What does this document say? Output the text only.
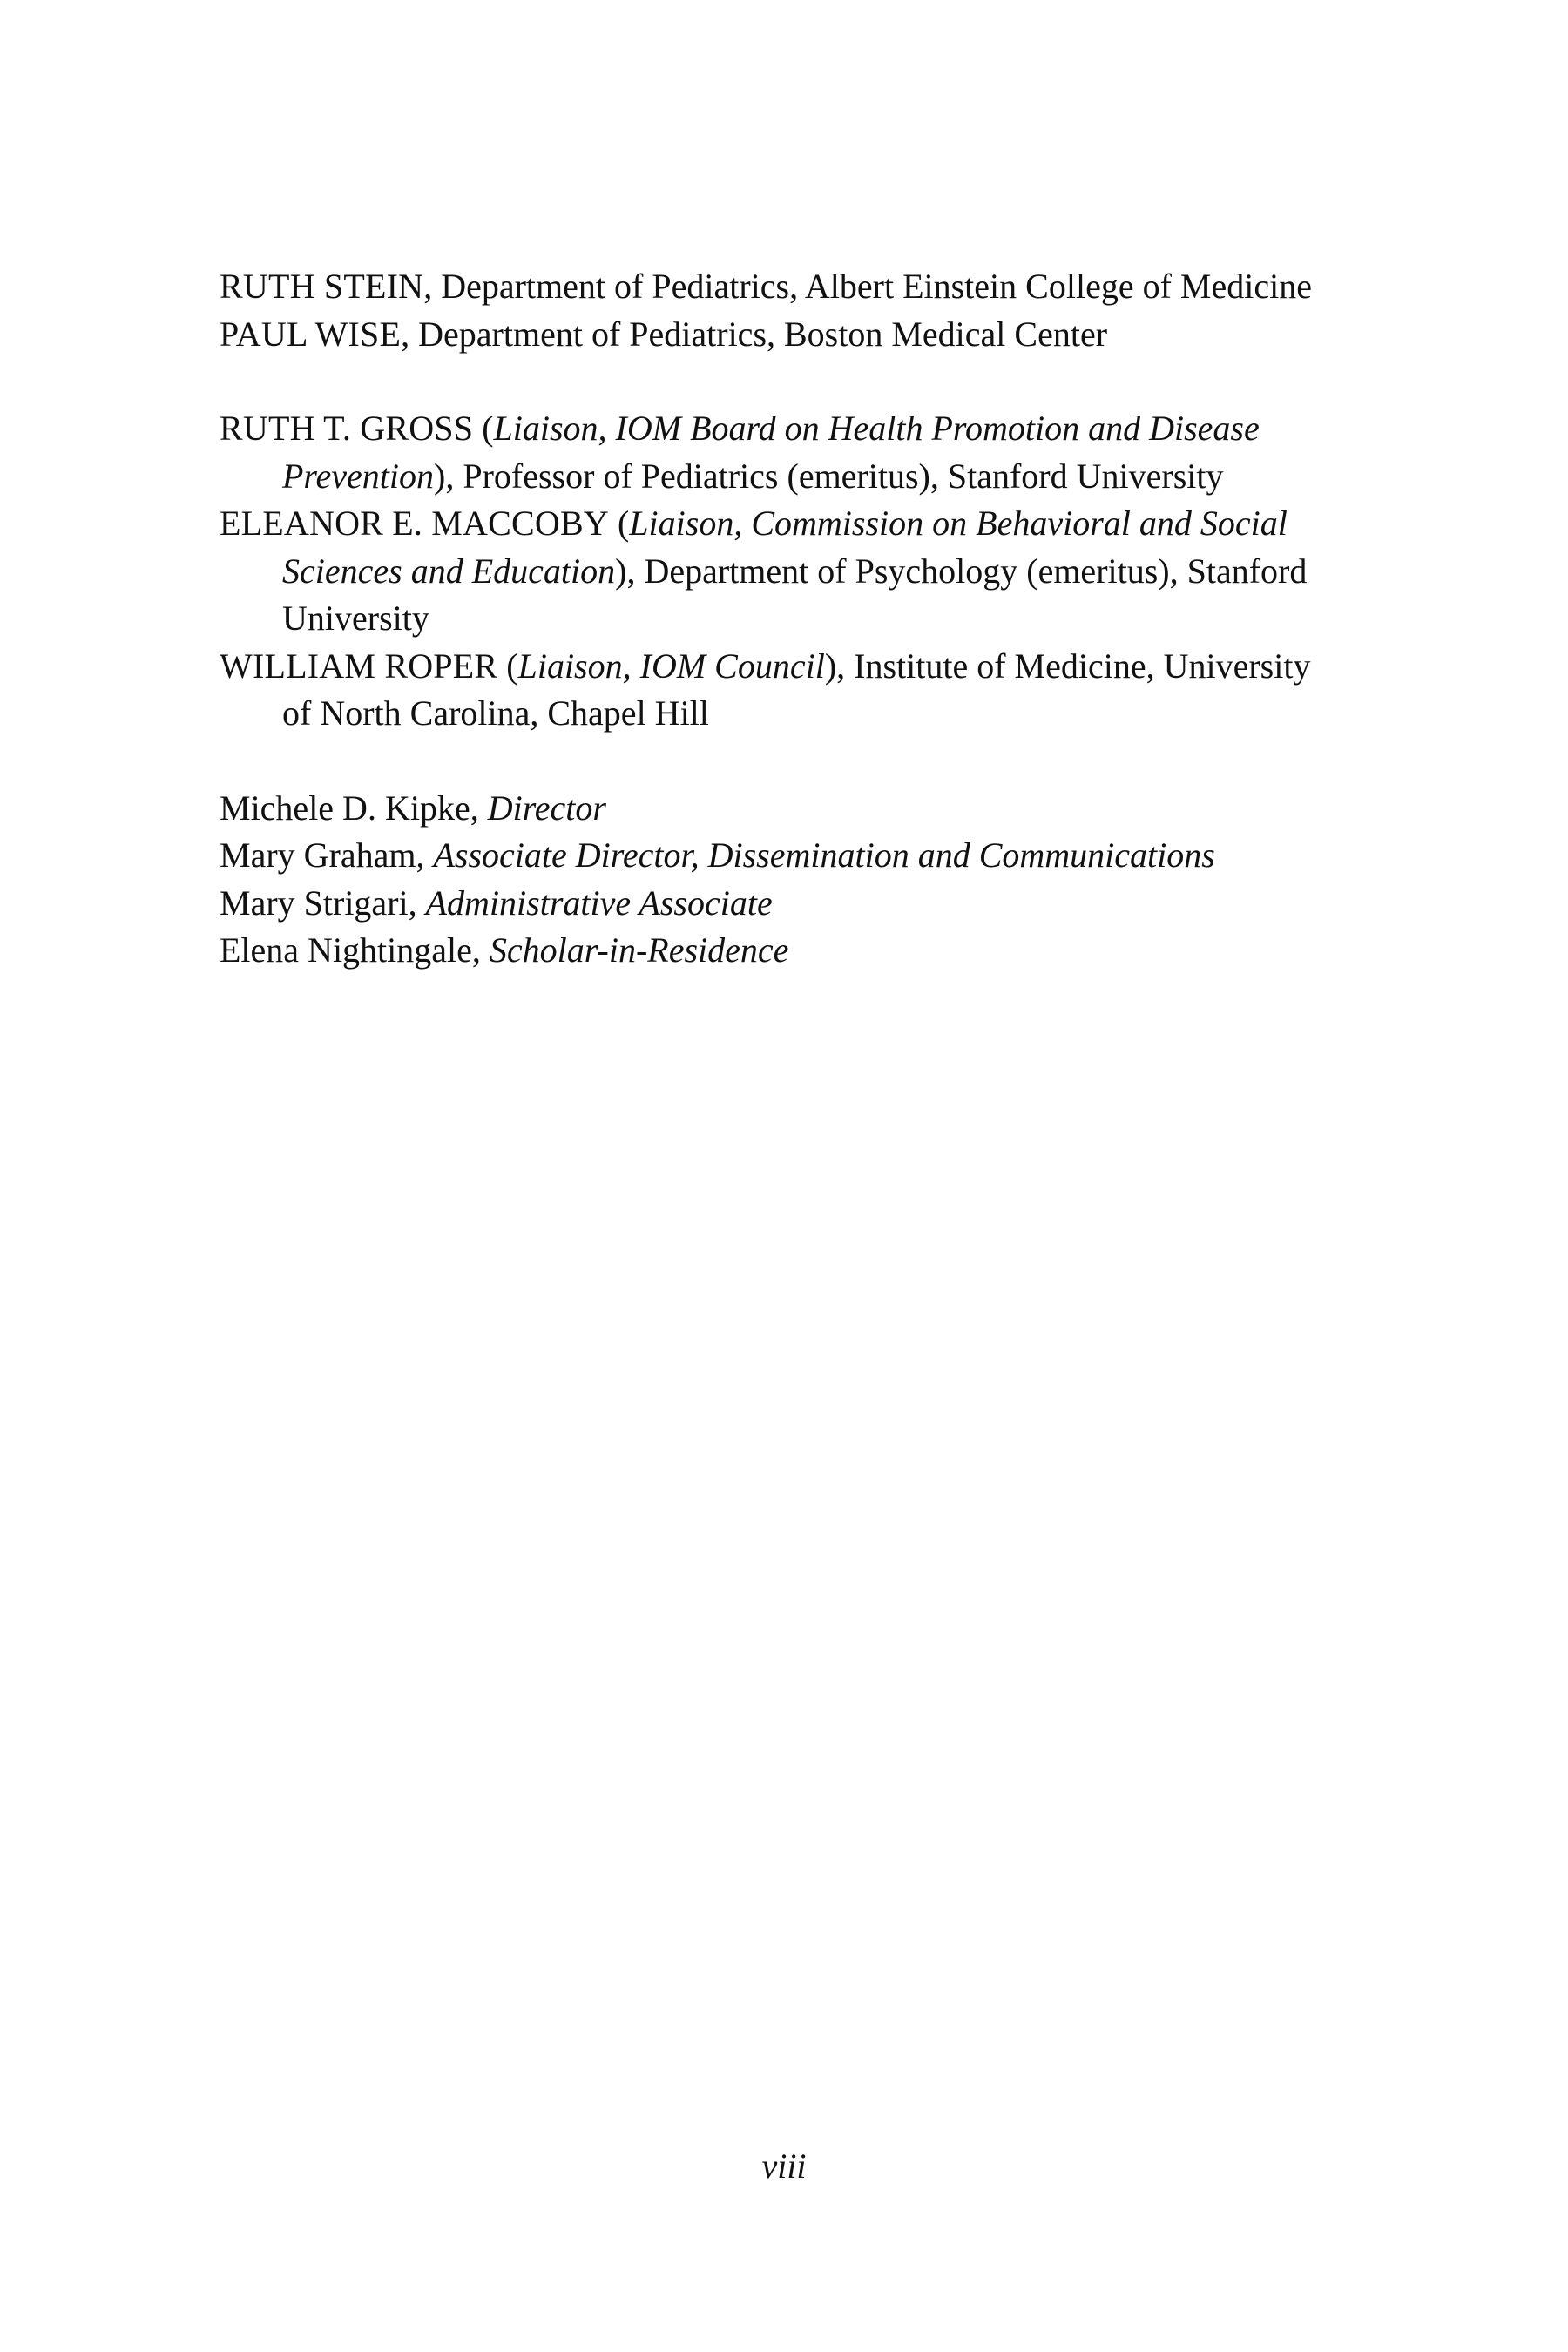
RUTH STEIN, Department of Pediatrics, Albert Einstein College of Medicine

PAUL WISE, Department of Pediatrics, Boston Medical Center

RUTH T. GROSS (Liaison, IOM Board on Health Promotion and Disease Prevention), Professor of Pediatrics (emeritus), Stanford University

ELEANOR E. MACCOBY (Liaison, Commission on Behavioral and Social Sciences and Education), Department of Psychology (emeritus), Stanford University

WILLIAM ROPER (Liaison, IOM Council), Institute of Medicine, University of North Carolina, Chapel Hill

Michele D. Kipke, Director

Mary Graham, Associate Director, Dissemination and Communications

Mary Strigari, Administrative Associate

Elena Nightingale, Scholar-in-Residence

viii
